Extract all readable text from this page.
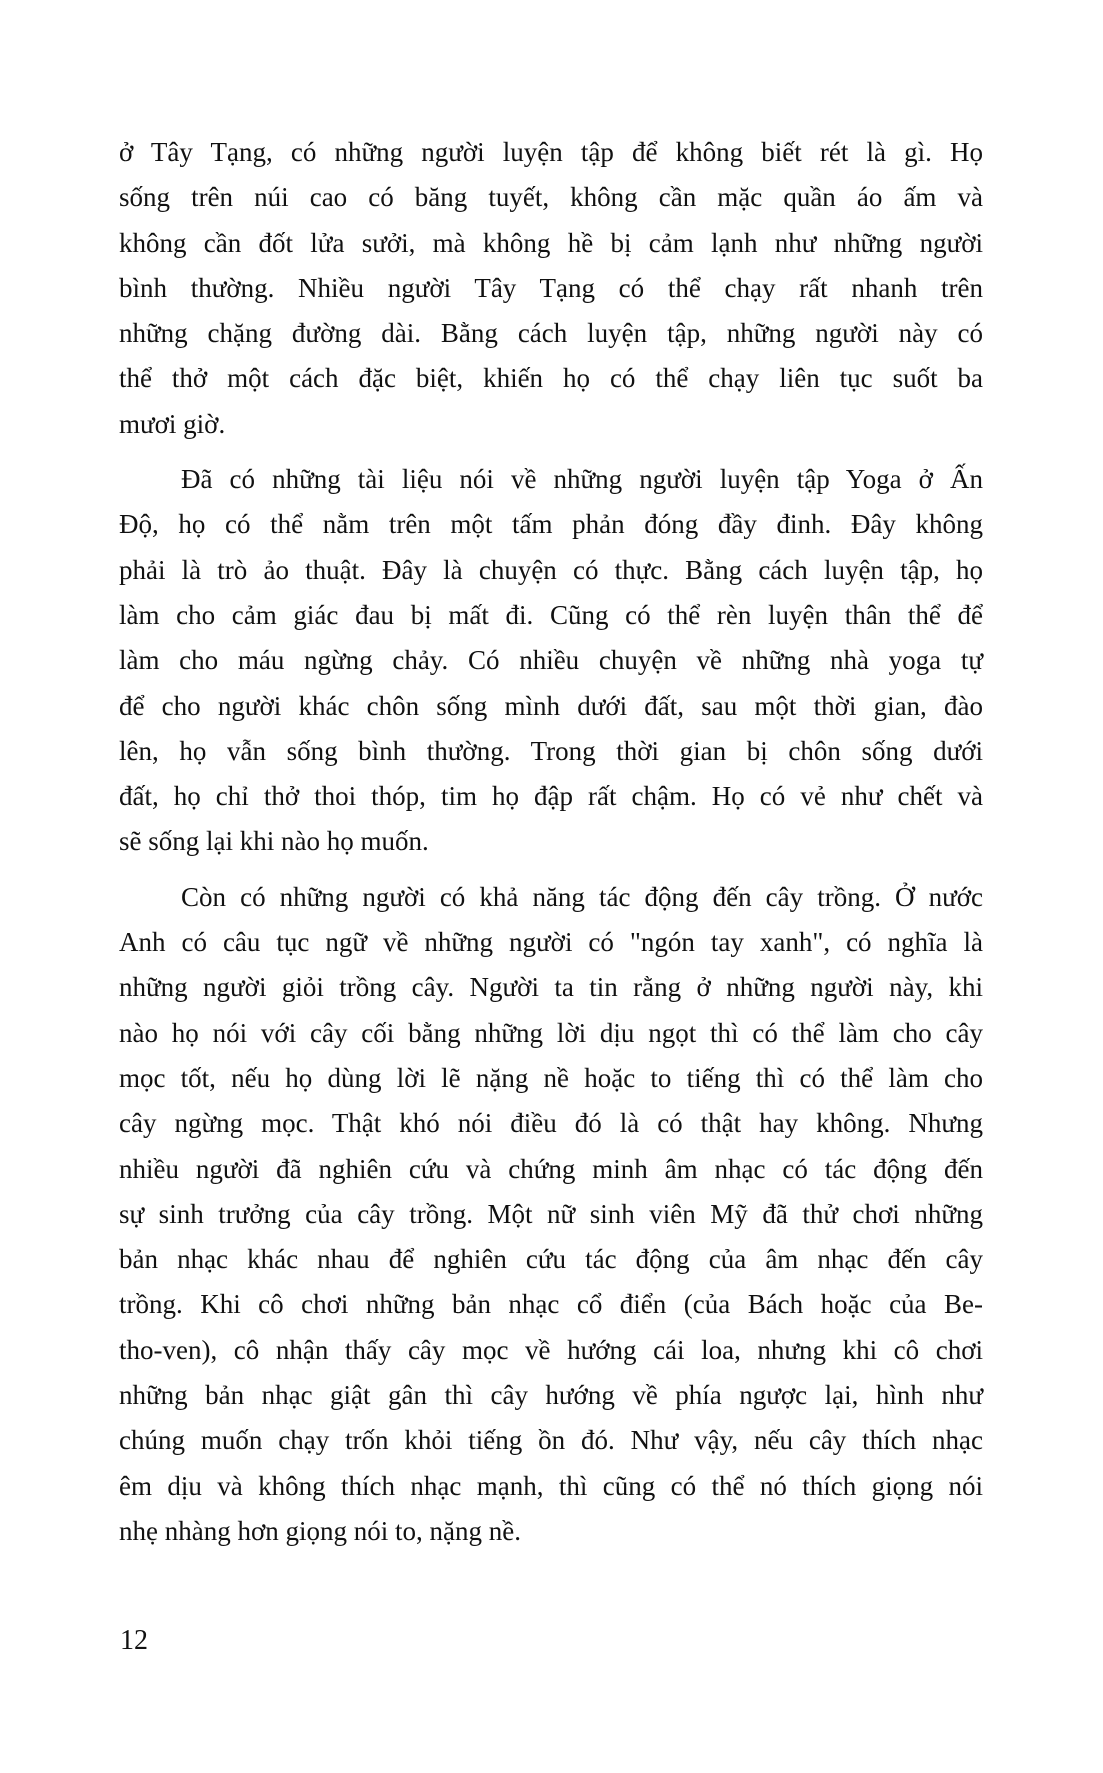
ở Tây Tạng, có những người luyện tập để không biết rét là gì. Họ
sống trên núi cao có băng tuyết, không cần mặc quần áo ấm và
không cần đốt lửa sưởi, mà không hề bị cảm lạnh như những người
bình thường. Nhiều người Tây Tạng có thể chạy rất nhanh trên
những chặng đường dài. Bằng cách luyện tập, những người này có
thể thở một cách đặc biệt, khiến họ có thể chạy liên tục suốt ba
mươi giờ.
Đã có những tài liệu nói về những người luyện tập Yoga ở Ấn
Độ, họ có thể nằm trên một tấm phản đóng đầy đinh. Đây không
phải là trò ảo thuật. Đây là chuyện có thực. Bằng cách luyện tập, họ
làm cho cảm giác đau bị mất đi. Cũng có thể rèn luyện thân thể để
làm cho máu ngừng chảy. Có nhiều chuyện về những nhà yoga tự
để cho người khác chôn sống mình dưới đất, sau một thời gian, đào
lên, họ vẫn sống bình thường. Trong thời gian bị chôn sống dưới
đất, họ chỉ thở thoi thóp, tim họ đập rất chậm. Họ có vẻ như chết và
sẽ sống lại khi nào họ muốn.
Còn có những người có khả năng tác động đến cây trồng. Ở nước
Anh có câu tục ngữ về những người có "ngón tay xanh", có nghĩa là
những người giỏi trồng cây. Người ta tin rằng ở những người này, khi
nào họ nói với cây cối bằng những lời dịu ngọt thì có thể làm cho cây
mọc tốt, nếu họ dùng lời lẽ nặng nề hoặc to tiếng thì có thể làm cho
cây ngừng mọc. Thật khó nói điều đó là có thật hay không. Nhưng
nhiều người đã nghiên cứu và chứng minh âm nhạc có tác động đến
sự sinh trưởng của cây trồng. Một nữ sinh viên Mỹ đã thử chơi những
bản nhạc khác nhau để nghiên cứu tác động của âm nhạc đến cây
trồng. Khi cô chơi những bản nhạc cổ điển (của Bách hoặc của Be-
tho-ven), cô nhận thấy cây mọc về hướng cái loa, nhưng khi cô chơi
những bản nhạc giật gân thì cây hướng về phía ngược lại, hình như
chúng muốn chạy trốn khỏi tiếng ồn đó. Như vậy, nếu cây thích nhạc
êm dịu và không thích nhạc mạnh, thì cũng có thể nó thích giọng nói
nhẹ nhàng hơn giọng nói to, nặng nề.
12
